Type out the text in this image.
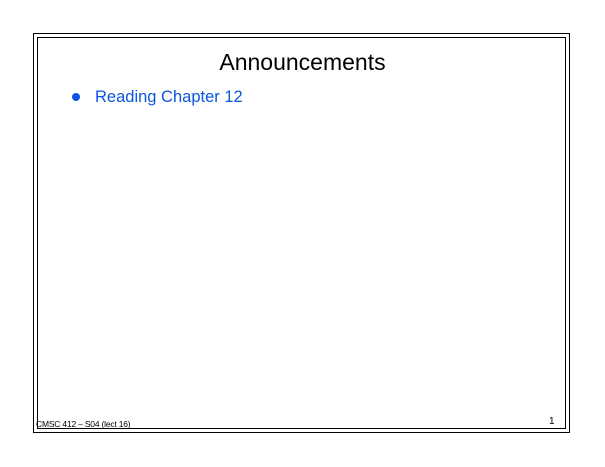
Announcements
Reading Chapter 12
CMSC 412 – S04 (lect 16)	1
